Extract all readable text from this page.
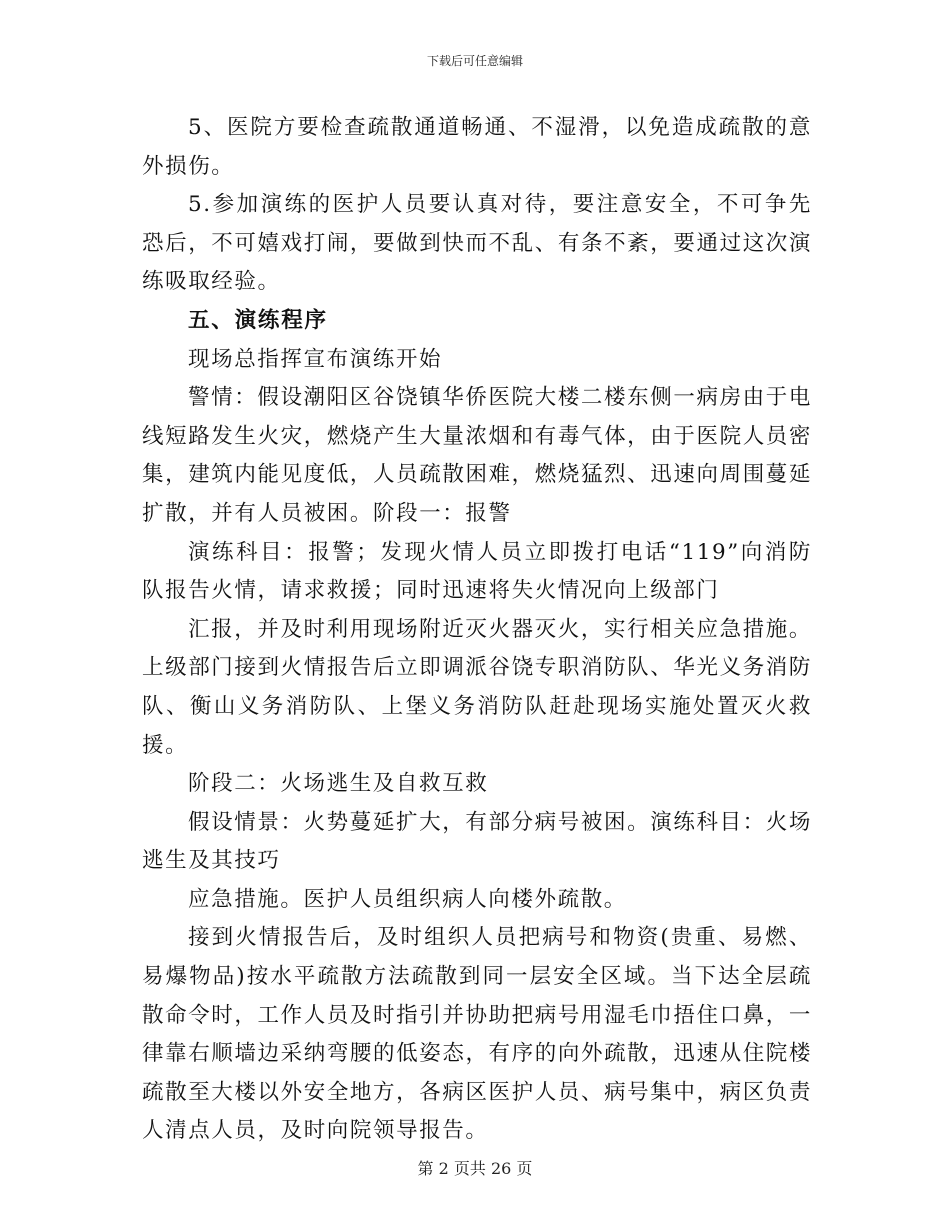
下载后可任意编辑

5、医院方要检查疏散通道畅通、不湿滑，以免造成疏散的意外损伤。

5.参加演练的医护人员要认真对待，要注意安全，不可争先恐后，不可嬉戏打闹，要做到快而不乱、有条不紊，要通过这次演练吸取经验。

五、演练程序

现场总指挥宣布演练开始

警情：假设潮阳区谷饶镇华侨医院大楼二楼东侧一病房由于电线短路发生火灾，燃烧产生大量浓烟和有毒气体，由于医院人员密集，建筑内能见度低，人员疏散困难，燃烧猛烈、迅速向周围蔓延扩散，并有人员被困。阶段一：报警

演练科目：报警；发现火情人员立即拨打电话“119”向消防队报告火情，请求救援；同时迅速将失火情况向上级部门

汇报，并及时利用现场附近灭火器灭火，实行相关应急措施。上级部门接到火情报告后立即调派谷饶专职消防队、华光义务消防队、衡山义务消防队、上堡义务消防队赶赴现场实施处置灭火救援。

阶段二：火场逃生及自救互救

假设情景：火势蔓延扩大，有部分病号被困。演练科目：火场逃生及其技巧

应急措施。医护人员组织病人向楼外疏散。

接到火情报告后，及时组织人员把病号和物资(贵重、易燃、易爆物品)按水平疏散方法疏散到同一层安全区域。当下达全层疏散命令时，工作人员及时指引并协助把病号用湿毛巾捂住口鼻，一律靠右顺墙边采纳弯腰的低姿态，有序的向外疏散，迅速从住院楼疏散至大楼以外安全地方，各病区医护人员、病号集中，病区负责人清点人员，及时向院领导报告。

第 2 页共 26 页
